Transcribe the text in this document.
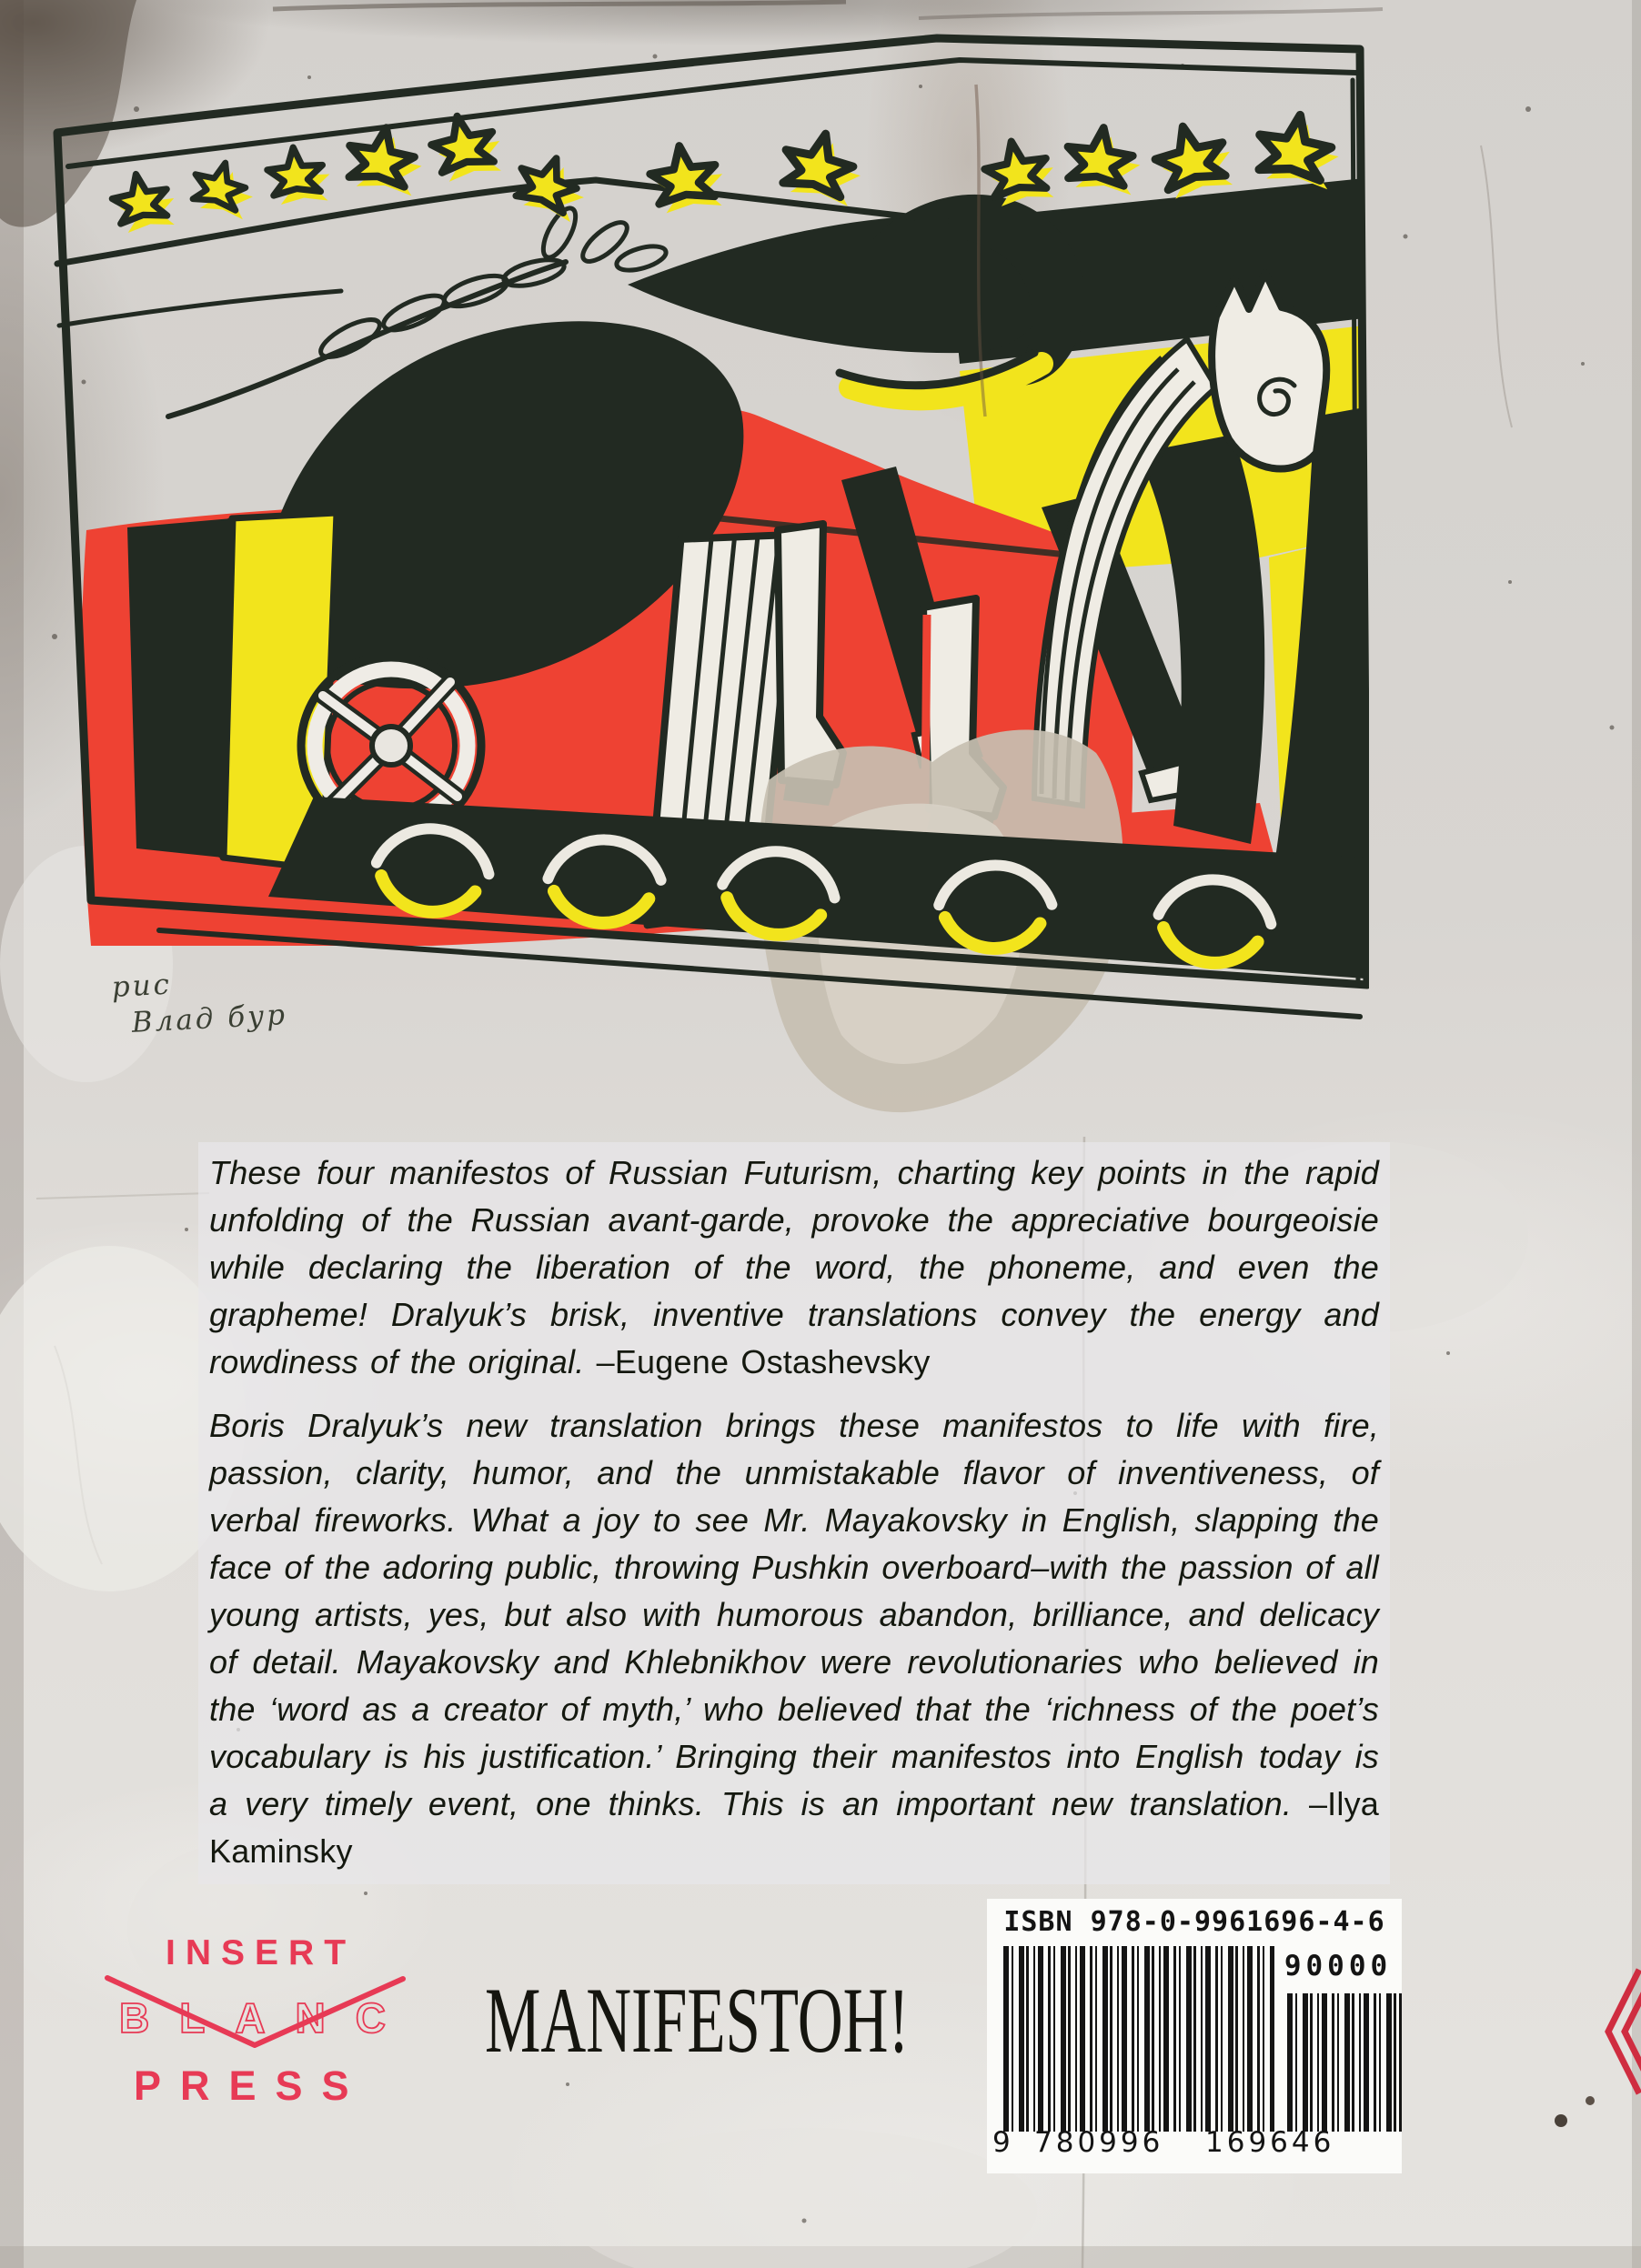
рис
Влад бур
These four manifestos of Russian Futurism, charting key points in the rapid unfolding of the Russian avant-garde, provoke the appreciative bourgeoisie while declaring the liberation of the word, the phoneme, and even the grapheme! Dralyuk’s brisk, inventive translations convey the energy and rowdiness of the original. –Eugene Ostashevsky
Boris Dralyuk’s new translation brings these manifestos to life with fire, passion, clarity, humor, and the unmistakable flavor of inventiveness, of verbal fireworks. What a joy to see Mr. Mayakovsky in English, slapping the face of the adoring public, throwing Pushkin overboard–with the passion of all young artists, yes, but also with humorous abandon, brilliance, and delicacy of detail. Mayakovsky and Khlebnikhov were revolutionaries who believed in the ‘word as a creator of myth,’ who believed that the ‘richness of the poet’s vocabulary is his justification.’ Bringing their manifestos into English today is a very timely event, one thinks. This is an important new translation. –Ilya Kaminsky
INSERT
BLANC
PRESS
MANIFESTOH!
ISBN 978-0-9961696-4-6
90000
9 780996 169646
